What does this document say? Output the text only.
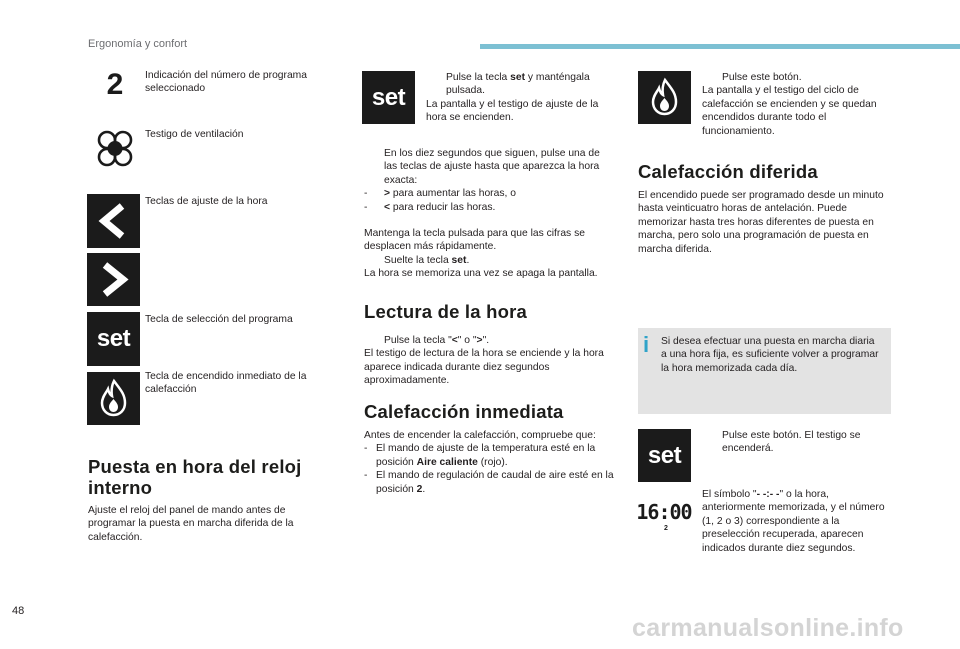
Ergonomía y confort
2	Indicación del número de programa seleccionado
Testigo de ventilación
Teclas de ajuste de la hora
set
Tecla de selección del programa
Tecla de encendido inmediato de la calefacción
Puesta en hora del reloj interno
Ajuste el reloj del panel de mando antes de programar la puesta en marcha diferida de la calefacción.
set

Pulse la tecla set y manténgala pulsada.

La pantalla y el testigo de ajuste de la hora se encienden.

En los diez segundos que siguen, pulse una de las teclas de ajuste hasta que aparezca la hora exacta:

- > para aumentar las horas, o

- < para reducir las horas.

Mantenga la tecla pulsada para que las cifras se desplacen más rápidamente.

Suelte la tecla set.

La hora se memoriza una vez se apaga la pantalla.

Lectura de la hora

Pulse la tecla "<" o ">".

El testigo de lectura de la hora se enciende y la hora aparece indicada durante diez segundos aproximadamente.

Calefacción inmediata

Antes de encender la calefacción, compruebe que:

- El mando de ajuste de la temperatura esté en la posición Aire caliente (rojo).

- El mando de regulación de caudal de aire esté en la posición 2.

Pulse este botón.

La pantalla y el testigo del ciclo de calefacción se encienden y se quedan encendidos durante todo el funcionamiento.

Calefacción diferida
El encendido puede ser programado desde un minuto hasta veinticuatro horas de antelación. Puede memorizar hasta tres horas diferentes de puesta en marcha, pero solo una programación de puesta en marcha diferida.
i	Si desea efectuar una puesta en marcha diaria a una hora fija, es suficiente volver a programar la hora memorizada cada día.
set

Pulse este botón. El testigo se encenderá.

16:00
2
El símbolo "- -:- -" o la hora, anteriormente memorizada, y el número (1, 2 o 3) correspondiente a la preselección recuperada, aparecen indicados durante diez segundos.
48
carmanualsonline.info
